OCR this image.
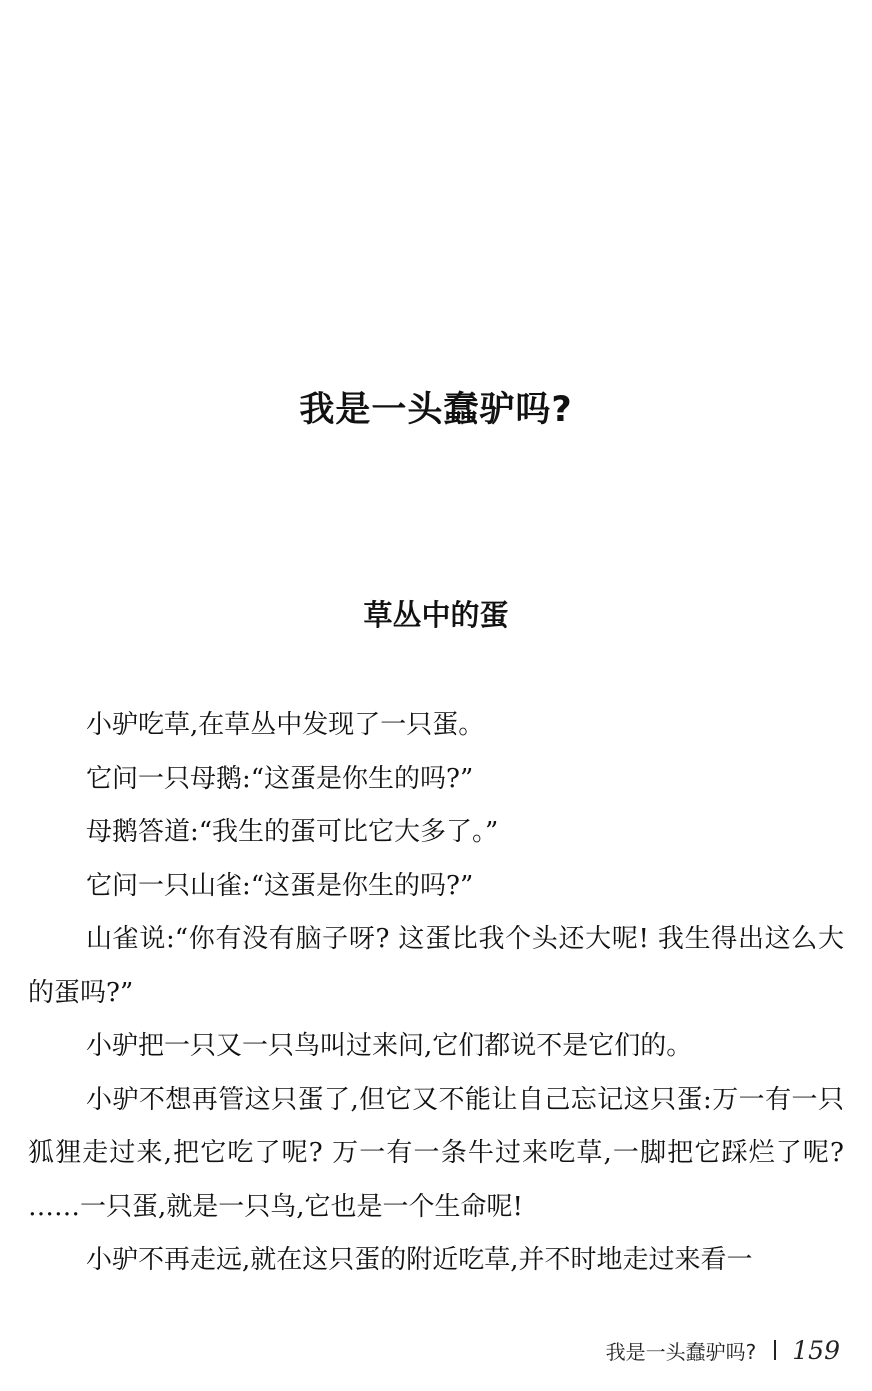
我是一头蠢驴吗?
草丛中的蛋

小驴吃草,在草丛中发现了一只蛋。

它问一只母鹅:“这蛋是你生的吗?”

母鹅答道:“我生的蛋可比它大多了。”

它问一只山雀:“这蛋是你生的吗?”

山雀说:“你有没有脑子呀? 这蛋比我个头还大呢! 我生得出这么大的蛋吗?”

小驴把一只又一只鸟叫过来问,它们都说不是它们的。

小驴不想再管这只蛋了,但它又不能让自己忘记这只蛋:万一有一只狐狸走过来,把它吃了呢? 万一有一条牛过来吃草,一脚把它踩烂了呢? ……一只蛋,就是一只鸟,它也是一个生命呢!

小驴不再走远,就在这只蛋的附近吃草,并不时地走过来看一

我是一头蠢驴吗? 159
